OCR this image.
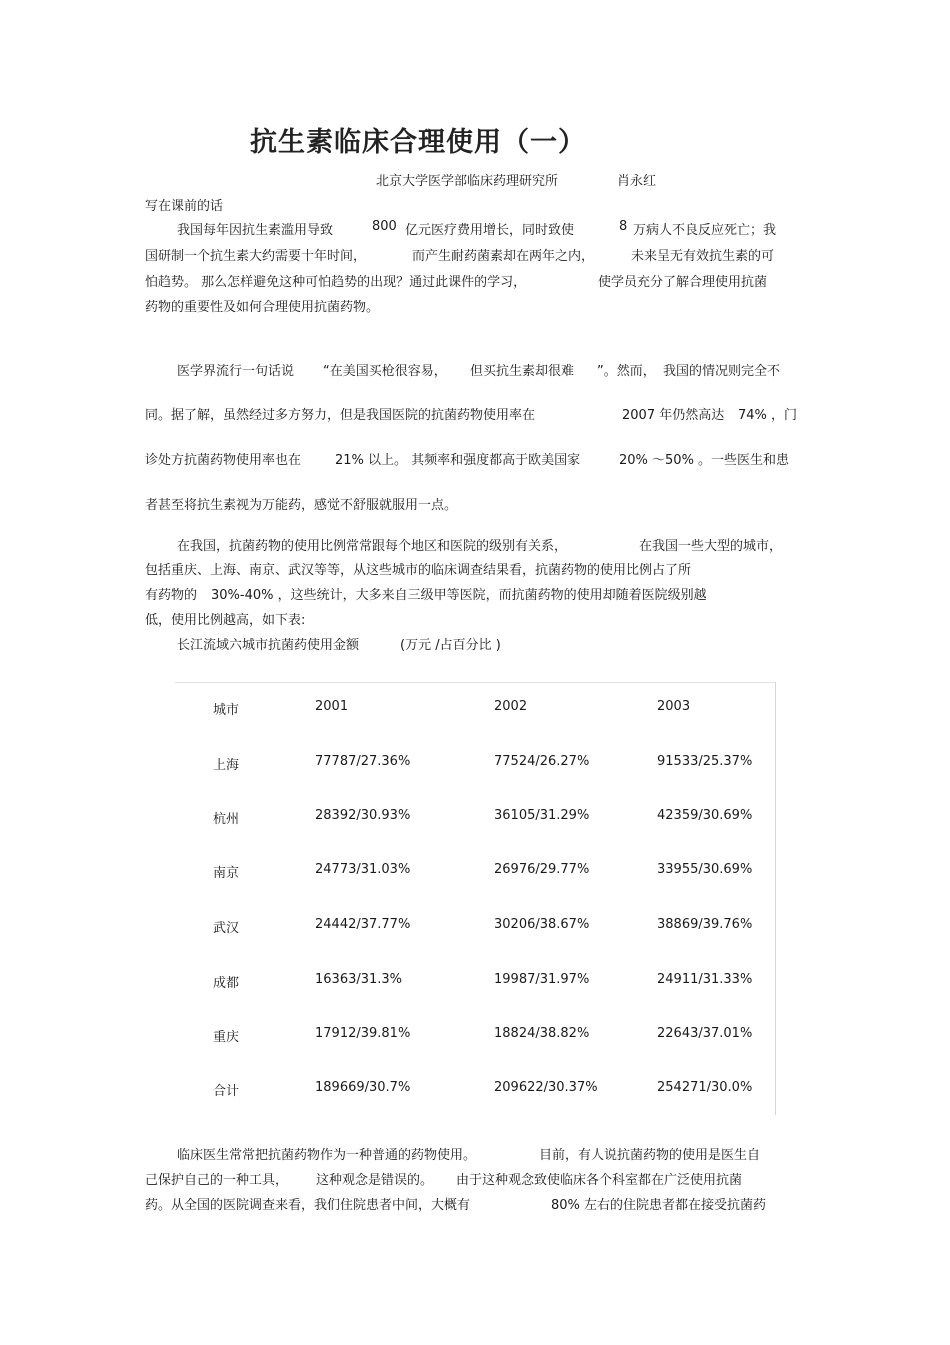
抗生素临床合理使用（一）
北京大学医学部临床药理研究所	肖永红
写在课前的话
我国每年因抗生素滥用导致	800 亿元医疗费用增长，同时致使	8 万病人不良反应死亡；我
国研制一个抗生素大约需要十年时间，	而产生耐药菌素却在两年之内，	未来呈无有效抗生素的可
怕趋势。 那么怎样避免这种可怕趋势的出现？通过此课件的学习，	使学员充分了解合理使用抗菌
药物的重要性及如何合理使用抗菌药物。
医学界流行一句话说 “在美国买枪很容易， 但买抗生素却很难 ”。然而， 我国的情况则完全不
同。据了解，虽然经过多方努力，但是我国医院的抗菌药物使用率在	2007 年仍然高达 74% ，门
诊处方抗菌药物使用率也在	21% 以上。 其频率和强度都高于欧美国家	20% ～50% 。一些医生和患
者甚至将抗生素视为万能药，感觉不舒服就服用一点。
在我国，抗菌药物的使用比例常常跟每个地区和医院的级别有关系，	在我国一些大型的城市，
包括重庆、上海、南京、武汉等等，从这些城市的临床调查结果看，抗菌药物的使用比例占了所
有药物的 30%-40% ，这些统计，大多来自三级甲等医院，而抗菌药物的使用却随着医院级别越
低，使用比例越高，如下表:
长江流域六城市抗菌药使用金额	(万元 /占百分比 )
城市	2001	2002	2003
上海	77787/27.36%	77524/26.27%	91533/25.37%
杭州	28392/30.93%	36105/31.29%	42359/30.69%
南京	24773/31.03%	26976/29.77%	33955/30.69%
武汉	24442/37.77%	30206/38.67%	38869/39.76%
成都	16363/31.3%	19987/31.97%	24911/31.33%
重庆	17912/39.81%	18824/38.82%	22643/37.01%
合计	189669/30.7%	209622/30.37%	254271/30.0%
临床医生常常把抗菌药物作为一种普通的药物使用。	目前，有人说抗菌药物的使用是医生自
己保护自己的一种工具， 这种观念是错误的。 由于这种观念致使临床各个科室都在广泛使用抗菌
药。从全国的医院调查来看，我们住院患者中间，大概有	80% 左右的住院患者都在接受抗菌药
